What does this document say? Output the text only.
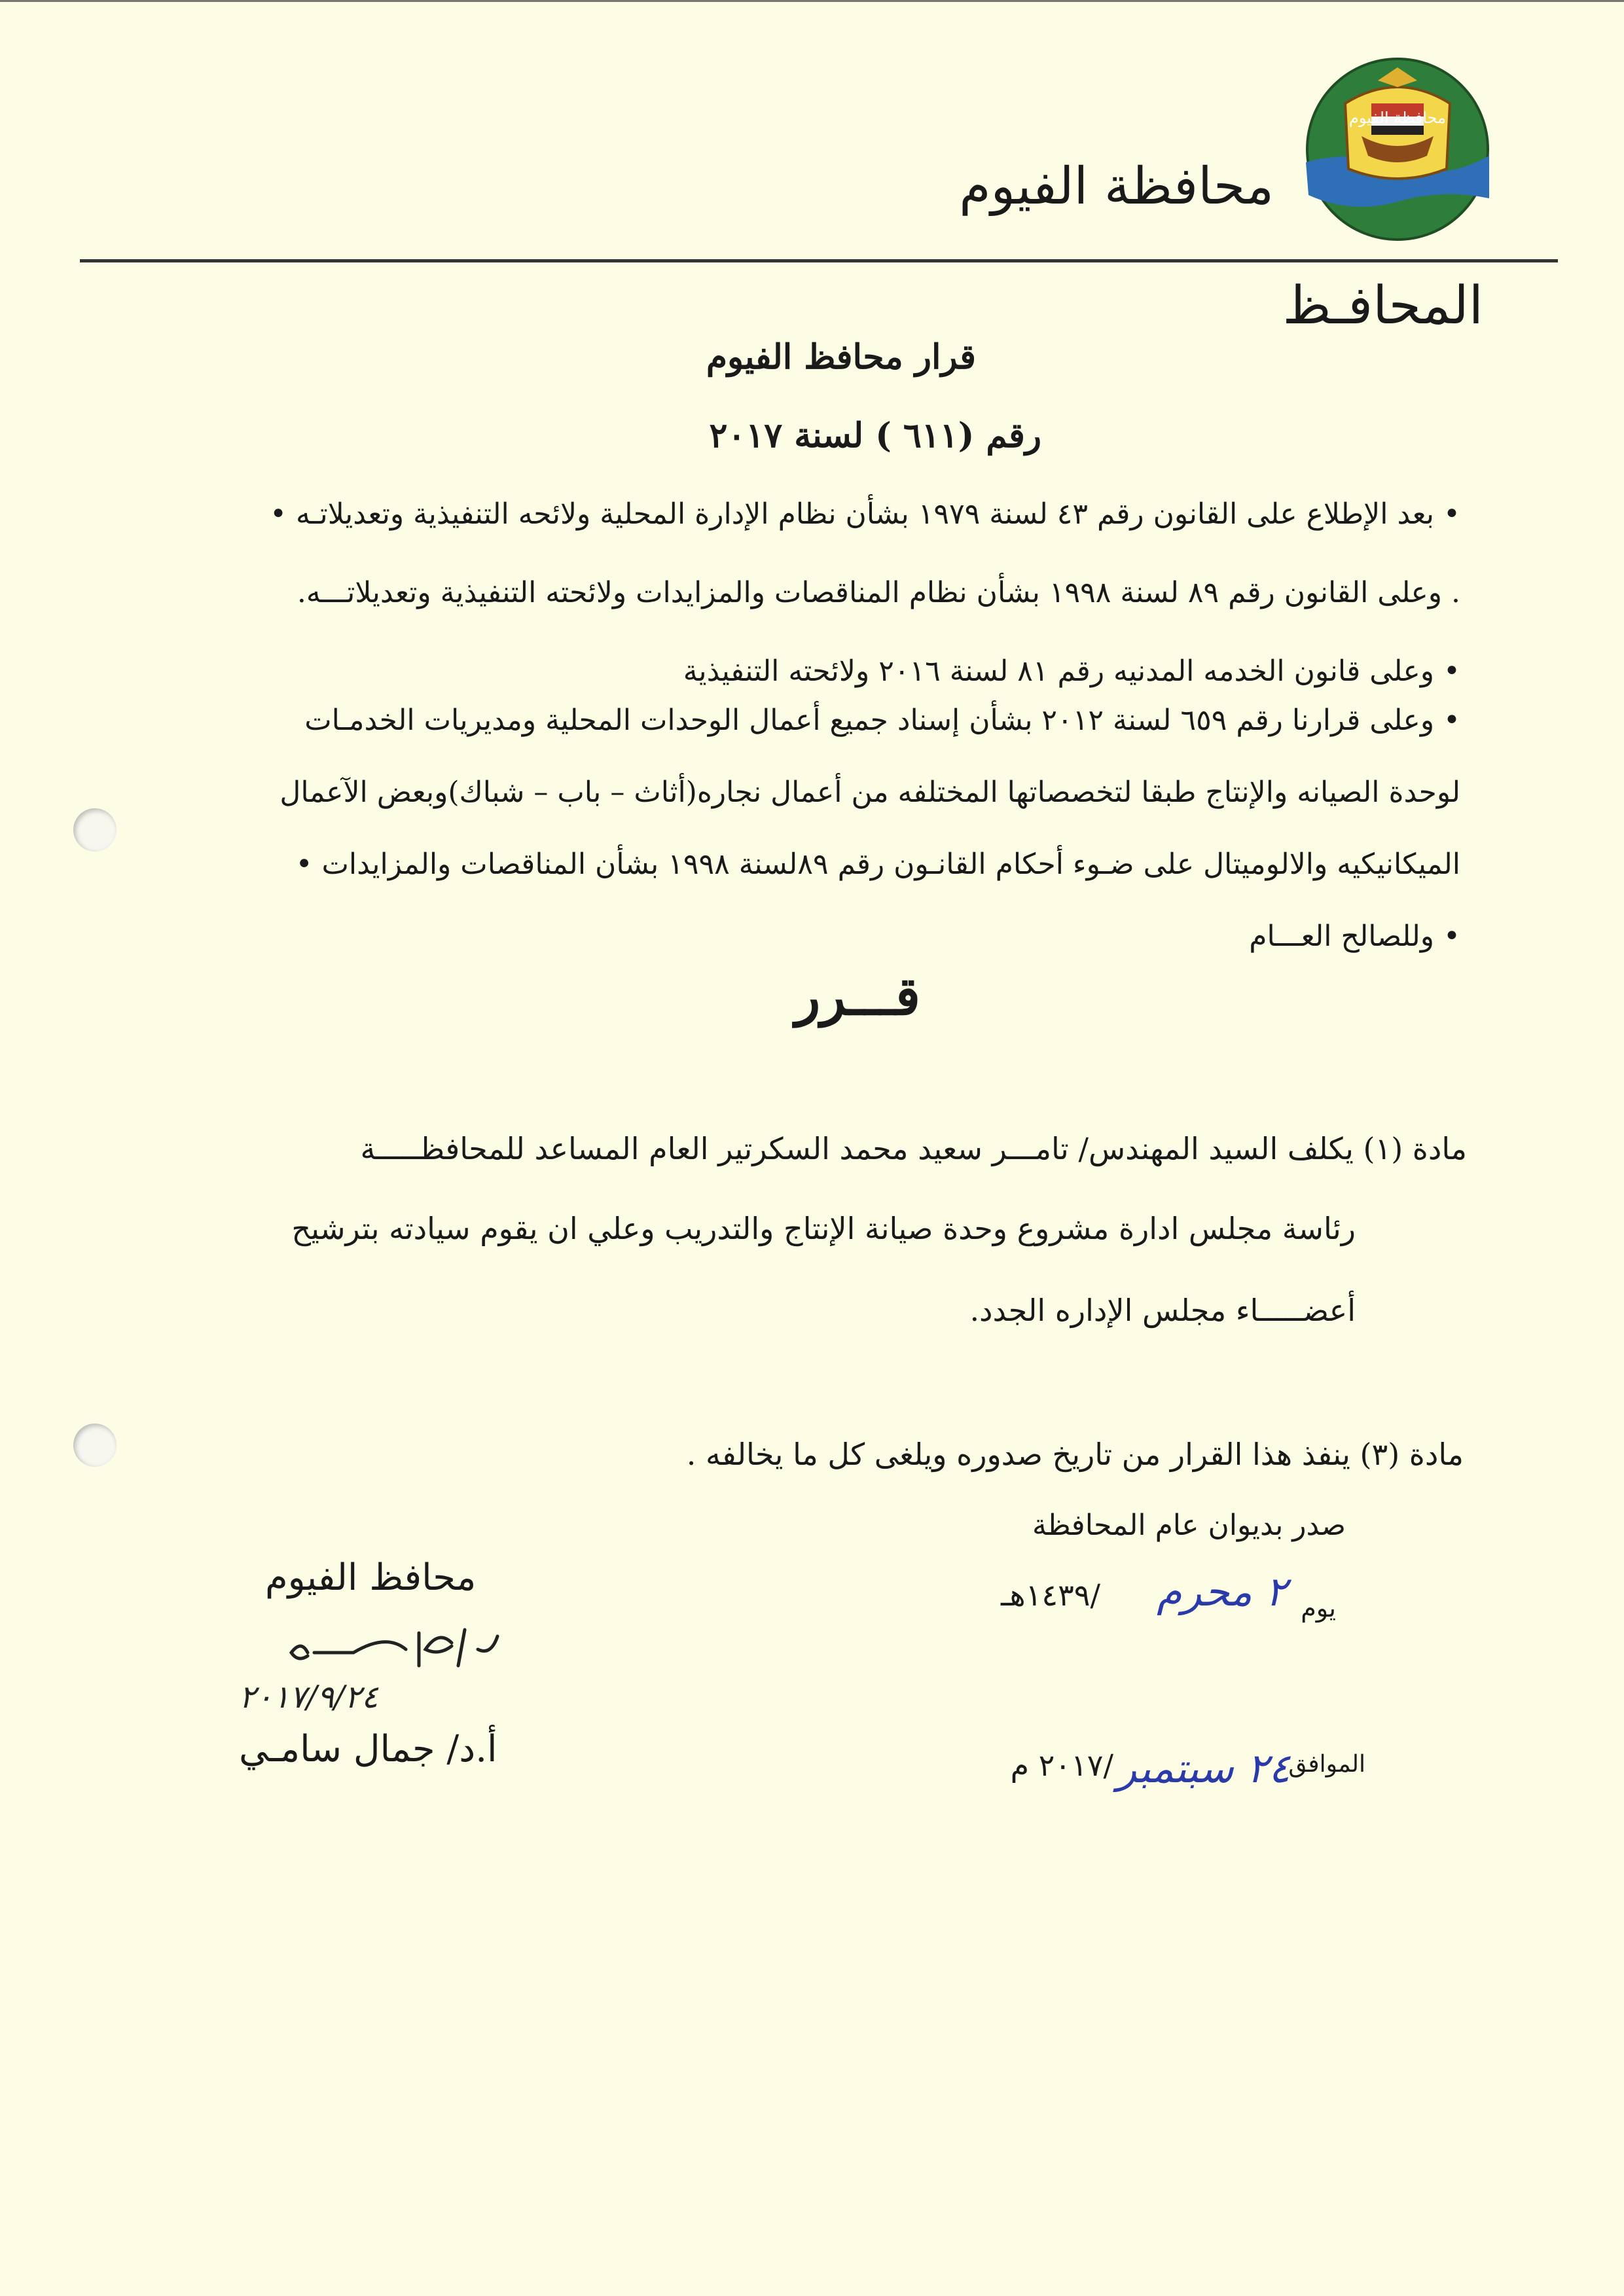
محافظة الفيوم
محافظة الفيوم
المحافـظ
قرار محافظ الفيوم
رقم (٦١١ ) لسنة ٢٠١٧
• بعد الإطلاع على القانون رقم ٤٣ لسنة ١٩٧٩ بشأن نظام الإدارة المحلية ولائحه التنفيذية وتعديلاتـه •
. وعلى القانون رقم ٨٩ لسنة ١٩٩٨ بشأن نظام المناقصات والمزايدات ولائحته التنفيذية وتعديلاتـــه.
• وعلى قانون الخدمه المدنيه رقم ٨١ لسنة ٢٠١٦ ولائحته التنفيذية
• وعلى قرارنا رقم ٦٥٩ لسنة ٢٠١٢ بشأن إسناد جميع أعمال الوحدات المحلية ومديريات الخدمـات
لوحدة الصيانه والإنتاج طبقا لتخصصاتها المختلفه من أعمال نجاره(أثاث – باب – شباك)وبعض الآعمال
الميكانيكيه والالوميتال على ضـوء أحكام القانـون رقم ٨٩لسنة ١٩٩٨ بشأن المناقصات والمزايدات •
• وللصالح العـــام
قـــرر
مادة (١) يكلف السيد المهندس/ تامـــر سعيد محمد السكرتير العام المساعد للمحافظـــــة
رئاسة مجلس ادارة مشروع وحدة صيانة الإنتاج والتدريب وعلي ان يقوم سيادته بترشيح
أعضـــــاء مجلس الإداره الجدد.
مادة (٣) ينفذ هذا القرار من تاريخ صدوره ويلغى كل ما يخالفه .
صدر بديوان عام المحافظة
يوم
٢ محرم
/١٤٣٩هـ
الموافق
٢٤ سبتمبر
/٢٠١٧ م
محافظ الفيوم
٢٠١٧/٩/٢٤
أ.د/ جمال سامـي
